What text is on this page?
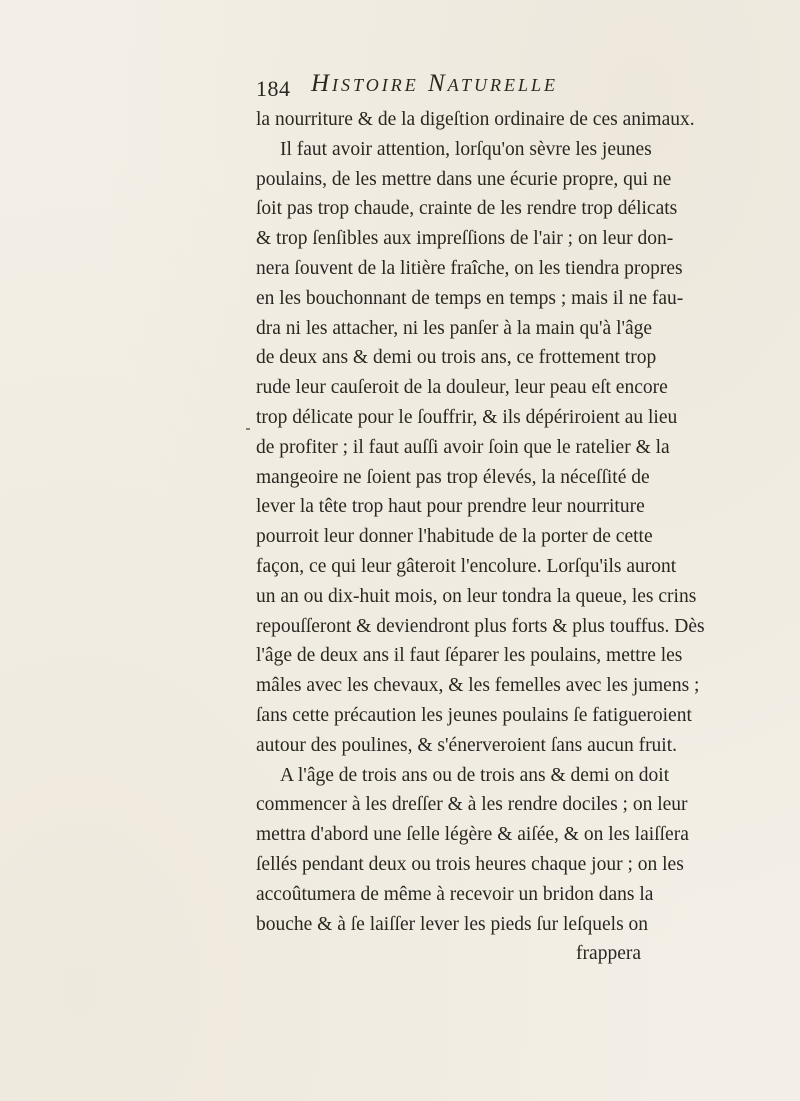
184 Histoire Naturelle
la nourriture & de la digeſtion ordinaire de ces animaux.
Il faut avoir attention, lorſqu'on sèvre les jeunes
poulains, de les mettre dans une écurie propre, qui ne
ſoit pas trop chaude, crainte de les rendre trop délicats
& trop ſenſibles aux impreſſions de l'air ; on leur don-
nera ſouvent de la litière fraîche, on les tiendra propres
en les bouchonnant de temps en temps ; mais il ne fau-
dra ni les attacher, ni les panſer à la main qu'à l'âge
de deux ans & demi ou trois ans, ce frottement trop
rude leur cauſeroit de la douleur, leur peau eſt encore
trop délicate pour le ſouffrir, & ils dépériroient au lieu
de profiter ; il faut auſſi avoir ſoin que le ratelier & la
mangeoire ne ſoient pas trop élevés, la néceſſité de
lever la tête trop haut pour prendre leur nourriture
pourroit leur donner l'habitude de la porter de cette
façon, ce qui leur gâteroit l'encolure. Lorſqu'ils auront
un an ou dix-huit mois, on leur tondra la queue, les crins
repouſſeront & deviendront plus forts & plus touffus. Dès
l'âge de deux ans il faut ſéparer les poulains, mettre les
mâles avec les chevaux, & les femelles avec les jumens ;
ſans cette précaution les jeunes poulains ſe fatigueroient
autour des poulines, & s'énerveroient ſans aucun fruit.
A l'âge de trois ans ou de trois ans & demi on doit
commencer à les dreſſer & à les rendre dociles ; on leur
mettra d'abord une ſelle légère & aiſée, & on les laiſſera
ſellés pendant deux ou trois heures chaque jour ; on les
accoûtumera de même à recevoir un bridon dans la
bouche & à ſe laiſſer lever les pieds ſur leſquels on
frappera
